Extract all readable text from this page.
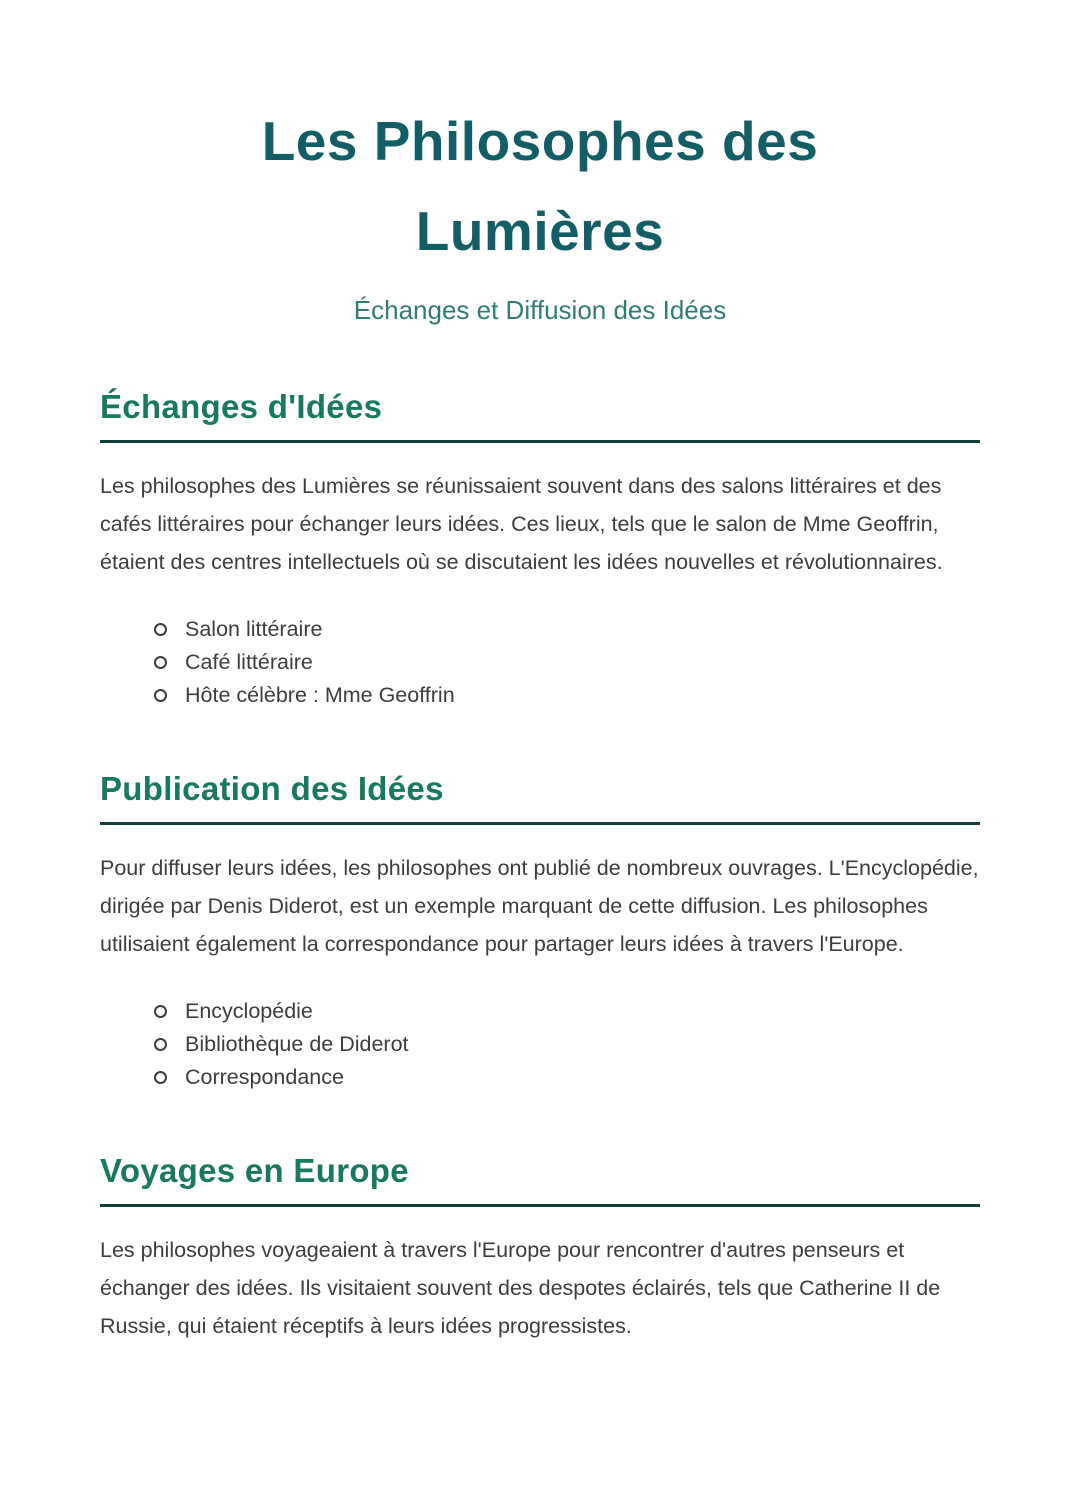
Les Philosophes des Lumières
Échanges et Diffusion des Idées
Échanges d'Idées

Les philosophes des Lumières se réunissaient souvent dans des salons littéraires et des cafés littéraires pour échanger leurs idées. Ces lieux, tels que le salon de Mme Geoffrin, étaient des centres intellectuels où se discutaient les idées nouvelles et révolutionnaires.

Salon littéraire
Café littéraire
Hôte célèbre : Mme Geoffrin
Publication des Idées

Pour diffuser leurs idées, les philosophes ont publié de nombreux ouvrages. L'Encyclopédie, dirigée par Denis Diderot, est un exemple marquant de cette diffusion. Les philosophes utilisaient également la correspondance pour partager leurs idées à travers l'Europe.

Encyclopédie
Bibliothèque de Diderot
Correspondance
Voyages en Europe

Les philosophes voyageaient à travers l'Europe pour rencontrer d'autres penseurs et échanger des idées. Ils visitaient souvent des despotes éclairés, tels que Catherine II de Russie, qui étaient réceptifs à leurs idées progressistes.
